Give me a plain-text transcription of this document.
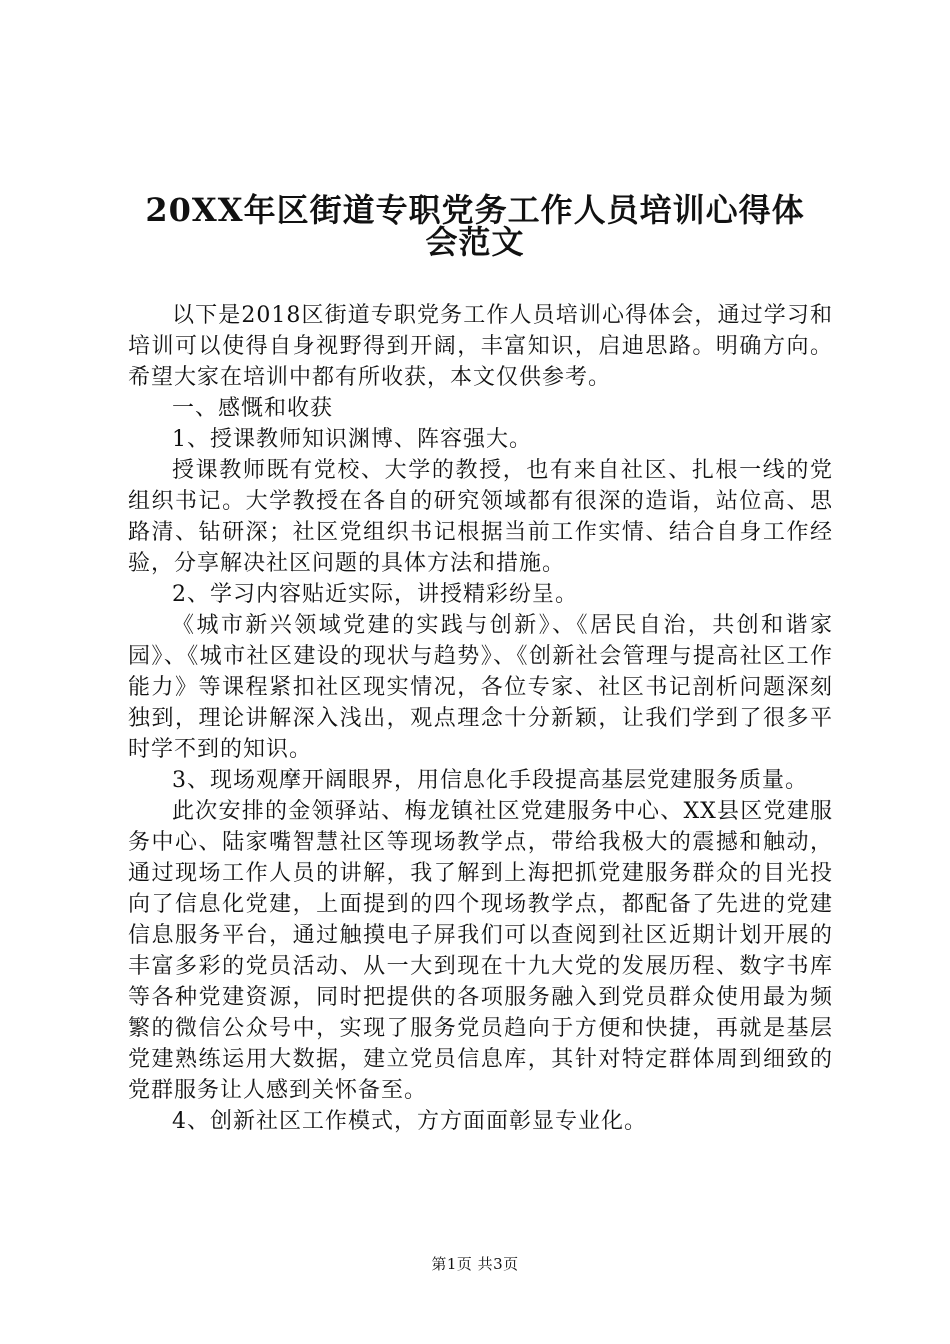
20XX年区街道专职党务工作人员培训心得体
会范文

以下是2018区街道专职党务工作人员培训心得体会，通过学习和培训可以使得自身视野得到开阔，丰富知识，启迪思路。明确方向。希望大家在培训中都有所收获，本文仅供参考。

一、感慨和收获

1、授课教师知识渊博、阵容强大。

授课教师既有党校、大学的教授，也有来自社区、扎根一线的党组织书记。大学教授在各自的研究领域都有很深的造诣，站位高、思路清、钻研深；社区党组织书记根据当前工作实情、结合自身工作经验，分享解决社区问题的具体方法和措施。

2、学习内容贴近实际，讲授精彩纷呈。

《城市新兴领域党建的实践与创新》、《居民自治，共创和谐家园》、《城市社区建设的现状与趋势》、《创新社会管理与提高社区工作能力》等课程紧扣社区现实情况，各位专家、社区书记剖析问题深刻独到，理论讲解深入浅出，观点理念十分新颖，让我们学到了很多平时学不到的知识。

3、现场观摩开阔眼界，用信息化手段提高基层党建服务质量。

此次安排的金领驿站、梅龙镇社区党建服务中心、XX县区党建服务中心、陆家嘴智慧社区等现场教学点，带给我极大的震撼和触动，通过现场工作人员的讲解，我了解到上海把抓党建服务群众的目光投向了信息化党建，上面提到的四个现场教学点，都配备了先进的党建信息服务平台，通过触摸电子屏我们可以查阅到社区近期计划开展的丰富多彩的党员活动、从一大到现在十九大党的发展历程、数字书库等各种党建资源，同时把提供的各项服务融入到党员群众使用最为频繁的微信公众号中，实现了服务党员趋向于方便和快捷，再就是基层党建熟练运用大数据，建立党员信息库，其针对特定群体周到细致的党群服务让人感到关怀备至。

4、创新社区工作模式，方方面面彰显专业化。

第1页 共3页
